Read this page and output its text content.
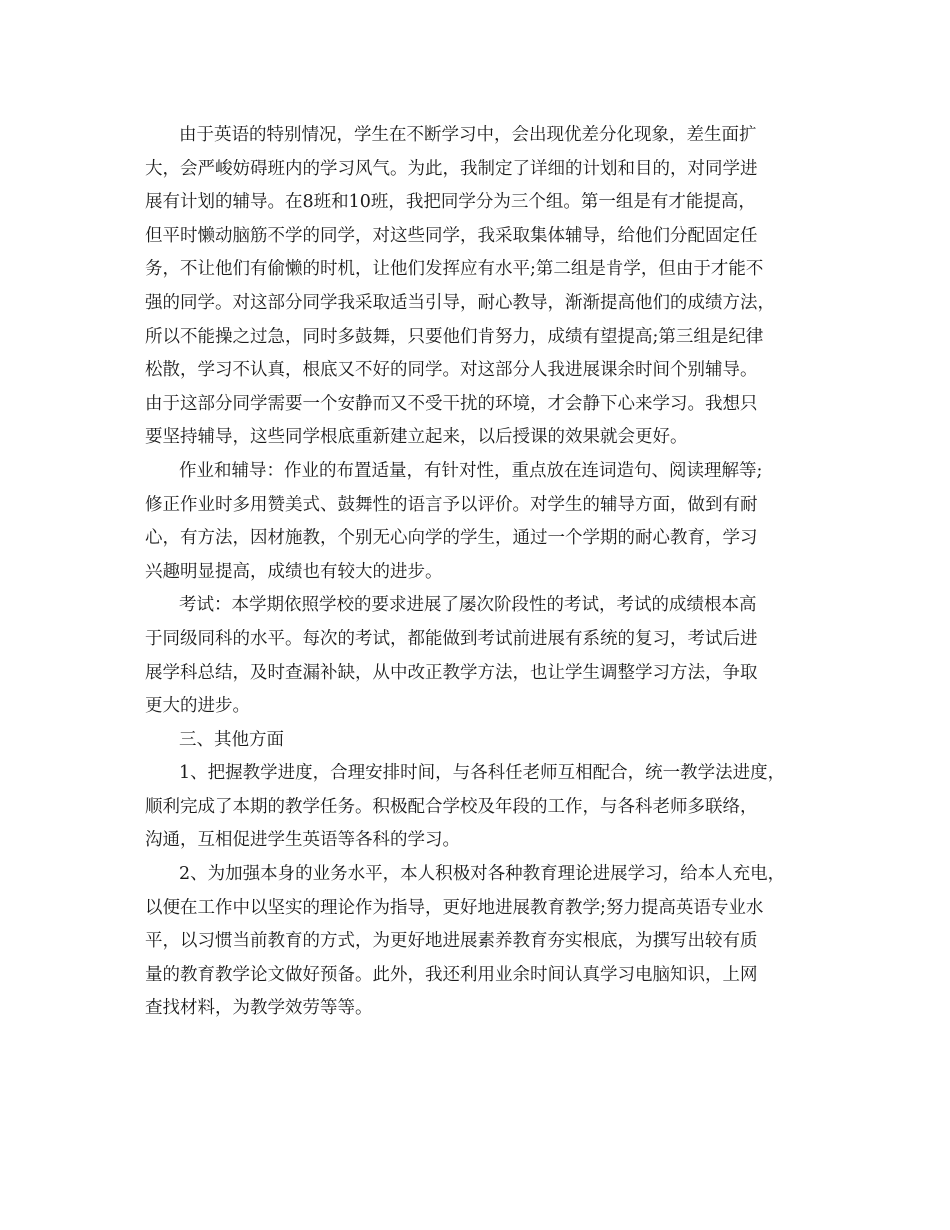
由于英语的特别情况，学生在不断学习中，会出现优差分化现象，差生面扩
大，会严峻妨碍班内的学习风气。为此，我制定了详细的计划和目的，对同学进
展有计划的辅导。在8班和10班，我把同学分为三个组。第一组是有才能提高，
但平时懒动脑筋不学的同学，对这些同学，我采取集体辅导，给他们分配固定任
务，不让他们有偷懒的时机，让他们发挥应有水平;第二组是肯学，但由于才能不
强的同学。对这部分同学我采取适当引导，耐心教导，渐渐提高他们的成绩方法，
所以不能操之过急，同时多鼓舞，只要他们肯努力，成绩有望提高;第三组是纪律
松散，学习不认真，根底又不好的同学。对这部分人我进展课余时间个别辅导。
由于这部分同学需要一个安静而又不受干扰的环境，才会静下心来学习。我想只
要坚持辅导，这些同学根底重新建立起来，以后授课的效果就会更好。
作业和辅导：作业的布置适量，有针对性，重点放在连词造句、阅读理解等;
修正作业时多用赞美式、鼓舞性的语言予以评价。对学生的辅导方面，做到有耐
心，有方法，因材施教，个别无心向学的学生，通过一个学期的耐心教育，学习
兴趣明显提高，成绩也有较大的进步。
考试：本学期依照学校的要求进展了屡次阶段性的考试，考试的成绩根本高
于同级同科的水平。每次的考试，都能做到考试前进展有系统的复习，考试后进
展学科总结，及时查漏补缺，从中改正教学方法，也让学生调整学习方法，争取
更大的进步。
三、其他方面
1、把握教学进度，合理安排时间，与各科任老师互相配合，统一教学法进度，
顺利完成了本期的教学任务。积极配合学校及年段的工作，与各科老师多联络，
沟通，互相促进学生英语等各科的学习。
2、为加强本身的业务水平，本人积极对各种教育理论进展学习，给本人充电，
以便在工作中以坚实的理论作为指导，更好地进展教育教学;努力提高英语专业水
平，以习惯当前教育的方式，为更好地进展素养教育夯实根底，为撰写出较有质
量的教育教学论文做好预备。此外，我还利用业余时间认真学习电脑知识，上网
查找材料，为教学效劳等等。
